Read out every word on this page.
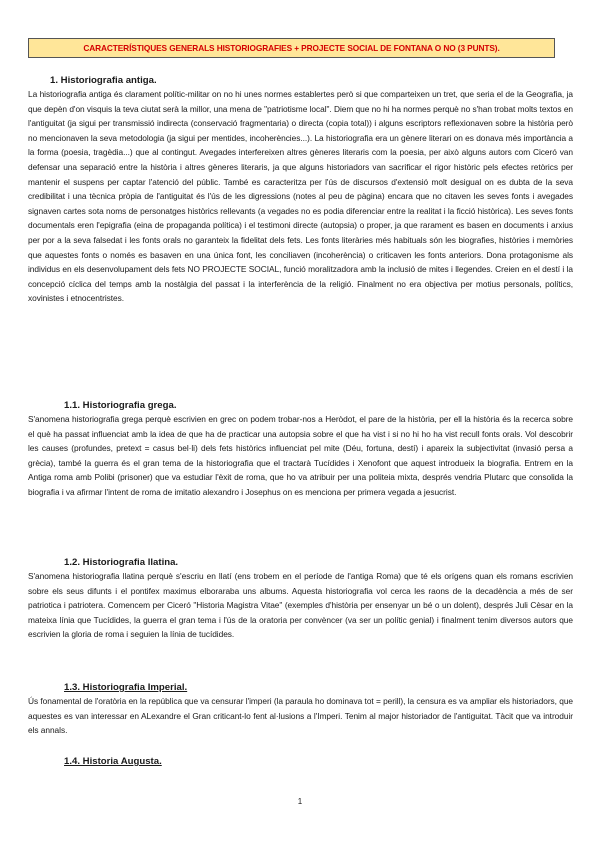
CARACTERÍSTIQUES GENERALS HISTORIOGRAFIES + PROJECTE SOCIAL DE FONTANA O NO (3 PUNTS).
1. Historiografia antiga.
La historiografia antiga és clarament polític-militar on no hi unes normes establertes però si que comparteixen un tret, que seria el de la Geografia, ja que depèn d'on visquis la teva ciutat serà la millor, una mena de "patriotisme local". Diem que no hi ha normes perquè no s'han trobat molts textos en l'antiguitat (ja sigui per transmissió indirecta (conservació fragmentaria) o directa (copia total)) i alguns escriptors reflexionaven sobre la història però no mencionaven la seva metodologia (ja sigui per mentides, incoherències...). La historiografia era un gènere literari on es donava més importància a la forma (poesia, tragèdia...) que al contingut. Avegades interfereixen altres gèneres literaris com la poesia, per això alguns autors com Ciceró van defensar una separació entre la història i altres gèneres literaris, ja que alguns historiadors van sacrificar el rigor històric pels efectes retòrics per mantenir el suspens per captar l'atenció del públic. També es caracteritza per l'ús de discursos d'extensió molt desigual on es dubta de la seva credibilitat i una tècnica pròpia de l'antiguitat és l'ús de les digressions (notes al peu de pàgina) encara que no citaven les seves fonts i avegades signaven cartes sota noms de personatges històrics rellevants (a vegades no es podia diferenciar entre la realitat i la ficció històrica). Les seves fonts documentals eren l'epigrafia (eina de propaganda política) i el testimoni directe (autopsia) o proper, ja que rarament es basen en documents i arxius per por a la seva falsedat i les fonts orals no garanteix la fidelitat dels fets. Les fonts literàries més habituals són les biografies, històries i memòries que aquestes fonts o només es basaven en una única font, les conciliaven (incoherència) o criticaven les fonts anteriors. Dona protagonisme als individus en els desenvolupament dels fets NO PROJECTE SOCIAL, funció moralitzadora amb la inclusió de mites i llegendes. Creien en el destí i la concepció cíclica del temps amb la nostàlgia del passat i la interferència de la religió. Finalment no era objectiva per motius personals, polítics, xovinistes i etnocentristes.
1.1. Historiografia grega.
S'anomena historiografia grega perquè escrivien en grec on podem trobar-nos a Heròdot, el pare de la història, per ell la història és la recerca sobre el què ha passat influenciat amb la idea de que ha de practicar una autopsia sobre el que ha vist i si no hi ho ha vist recull fonts orals. Vol descobrir les causes (profundes, pretext = casus bel·li) dels fets històrics influenciat pel mite (Déu, fortuna, destí) i apareix la subjectivitat (invasió persa a grècia), també la guerra és el gran tema de la historiografia que el tractarà Tucídides i Xenofont que aquest introdueix la biografia. Entrem en la Antiga roma amb Polibi (prisoner) que va estudiar l'èxit de roma, que ho va atribuir per una politeia mixta, després vendria Plutarc que consolida la biografia i va afirmar l'intent de roma de imitatio alexandro i Josephus on es menciona per primera vegada a jesucrist.
1.2. Historiografia llatina.
S'anomena historiografia llatina perquè s'escriu en llatí (ens trobem en el període de l'antiga Roma) que té els orígens quan els romans escrivien sobre els seus difunts i el pontifex maximus elboraraba uns albums. Aquesta historiografia vol cerca les raons de la decadència a més de ser patriotica i patriotera. Comencem per Ciceró "Historia Magistra Vitae" (exemples d'història per ensenyar un bé o un dolent), després Juli Cèsar en la mateixa línia que Tucídides, la guerra el gran tema i l'ús de la oratoria per convèncer (va ser un polític genial) i finalment tenim diversos autors que escrivien la gloria de roma i seguien la línia de tucídides.
1.3. Historiografia Imperial.
Ús fonamental de l'oratòria en la república que va censurar l'imperi (la paraula ho dominava tot = perill), la censura es va ampliar els historiadors, que aquestes es van interessar en ALexandre el Gran criticant-lo fent al·lusions a l'Imperi. Tenim al major historiador de l'antiguitat. Tàcit que va introduir els annals.
1.4. Historia Augusta.
1
